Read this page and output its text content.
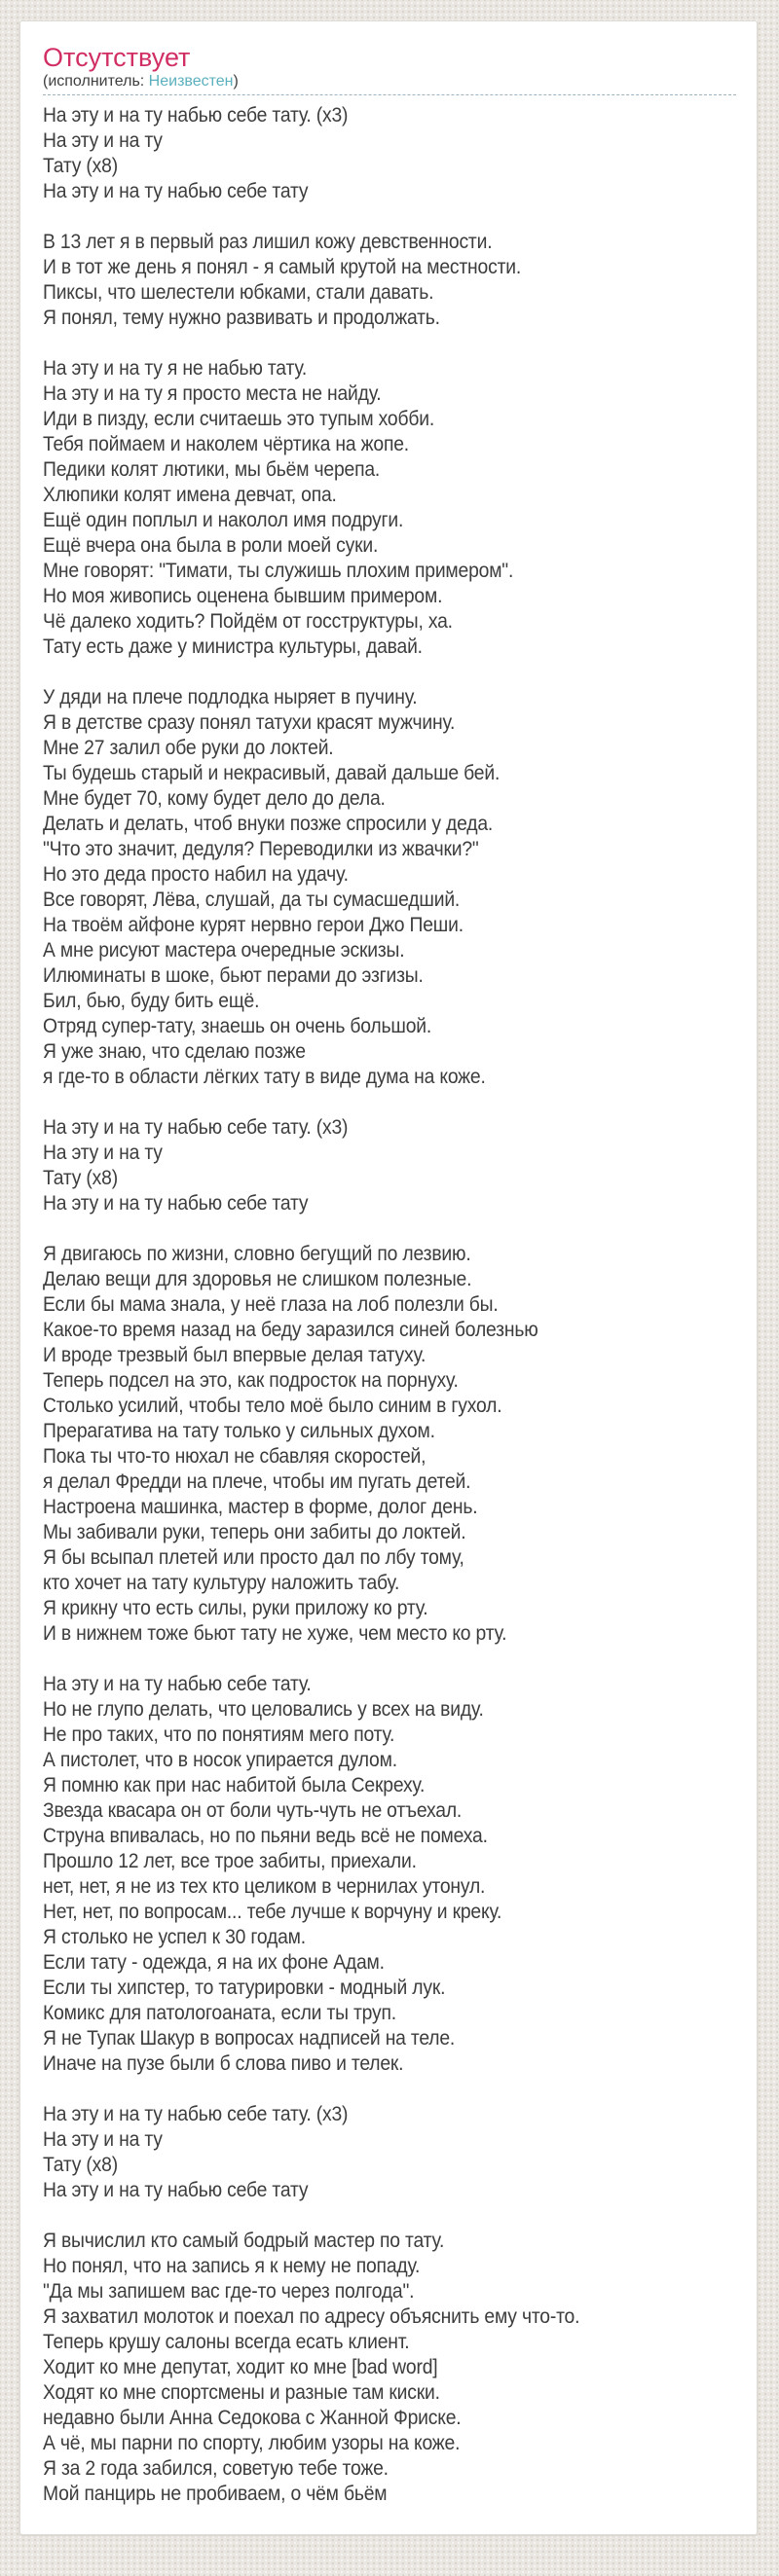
Отсутствует
(исполнитель: Неизвестен)
На эту и на ту набью себе тату. (х3)
На эту и на ту
Тату (х8)
На эту и на ту набью себе тату
В 13 лет я в первый раз лишил кожу девственности.
И в тот же день я понял - я самый крутой на местности.
Пиксы, что шелестели юбками, стали давать.
Я понял, тему нужно развивать и продолжать.
На эту и на ту я не набью тату.
На эту и на ту я просто места не найду.
Иди в пизду, если считаешь это тупым хобби.
Тебя поймаем и наколем чёртика на жопе.
Педики колят лютики, мы бьём черепа.
Хлюпики колят имена девчат, опа.
Ещё один поплыл и наколол имя подруги.
Ещё вчера она была в роли моей суки.
Мне говорят: "Тимати, ты служишь плохим примером".
Но моя живопись оценена бывшим примером.
Чё далеко ходить? Пойдём от госструктуры, ха.
Тату есть даже у министра культуры, давай.
У дяди на плече подлодка ныряет в пучину.
Я в детстве сразу понял татухи красят мужчину.
Мне 27 залил обе руки до локтей.
Ты будешь старый и некрасивый, давай дальше бей.
Мне будет 70, кому будет дело до дела.
Делать и делать, чтоб внуки позже спросили у деда.
"Что это значит, дедуля? Переводилки из жвачки?"
Но это деда просто набил на удачу.
Все говорят, Лёва, слушай, да ты сумасшедший.
На твоём айфоне курят нервно герои Джо Пеши.
А мне рисуют мастера очередные эскизы.
Илюминаты в шоке, бьют перами до эзгизы.
Бил, бью, буду бить ещё.
Отряд супер-тату, знаешь он очень большой.
Я уже знаю, что сделаю позже
я где-то в области лёгких тату в виде дума на коже.
На эту и на ту набью себе тату. (х3)
На эту и на ту
Тату (х8)
На эту и на ту набью себе тату
Я двигаюсь по жизни, словно бегущий по лезвию.
Делаю вещи для здоровья не слишком полезные.
Если бы мама знала, у неё глаза на лоб полезли бы.
Какое-то время назад на беду заразился синей болезнью
И вроде трезвый был впервые делая татуху.
Теперь подсел на это, как подросток на порнуху.
Столько усилий, чтобы тело моё было синим в гухол.
Прерагатива на тату только у сильных духом.
Пока ты что-то нюхал не сбавляя скоростей,
я делал Фредди на плече, чтобы им пугать детей.
Настроена машинка, мастер в форме, долог день.
Мы забивали руки, теперь они забиты до локтей.
Я бы всыпал плетей или просто дал по лбу тому,
кто хочет на тату культуру наложить табу.
Я крикну что есть силы, руки приложу ко рту.
И в нижнем тоже бьют тату не хуже, чем место ко рту.
На эту и на ту набью себе тату.
Но не глупо делать, что целовались у всех на виду.
Не про таких, что по понятиям мего поту.
А пистолет, что в носок упирается дулом.
Я помню как при нас набитой была Секреху.
Звезда квасара он от боли чуть-чуть не отъехал.
Струна впивалась, но по пьяни ведь всё не помеха.
Прошло 12 лет, все трое забиты, приехали.
нет, нет, я не из тех кто целиком в чернилах утонул.
Нет, нет, по вопросам... тебе лучше к ворчуну и креку.
Я столько не успел к 30 годам.
Если тату - одежда, я на их фоне Адам.
Если ты хипстер, то татурировки - модный лук.
Комикс для патологоаната, если ты труп.
Я не Тупак Шакур в вопросах надписей на теле.
Иначе на пузе были б слова пиво и телек.
На эту и на ту набью себе тату. (х3)
На эту и на ту
Тату (х8)
На эту и на ту набью себе тату
Я вычислил кто самый бодрый мастер по тату.
Но понял, что на запись я к нему не попаду.
"Да мы запишем вас где-то через полгода".
Я захватил молоток и поехал по адресу объяснить ему что-то.
Теперь крушу салоны всегда есать клиент.
Ходит ко мне депутат, ходит ко мне [bad word]
Ходят ко мне спортсмены и разные там киски.
недавно были Анна Седокова с Жанной Фриске.
А чё, мы парни по спорту, любим узоры на коже.
Я за 2 года забился, советую тебе тоже.
Мой панцирь не пробиваем, о чём бьём
